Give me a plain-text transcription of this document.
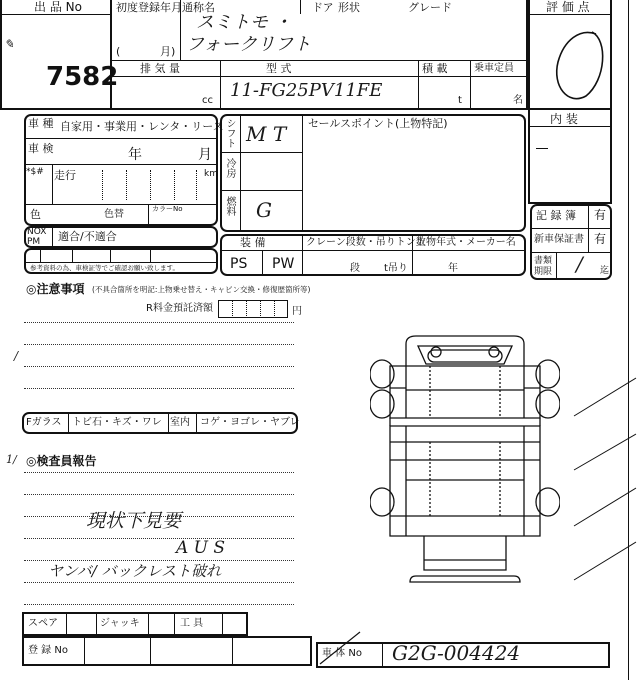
出 品 No
7582
✎
初度登録年月
(	月)
通称名
スミトモ ・
フォークリフト
ドア 形状	グレード
排 気 量
cc
型 式
11-FG25PV11FE
積 載
t
乗車定員
名
評 価 点
内 装
車 種 自家用・事業用・レンタ・リース
車 検	年	月
*$# 走行	km
色	色替	カラーNo
NOX PM	適合/不適合
参考資料の為、車検証等でご確認お願い致します。
シフト M T
冷房
燃料 G
セールスポイント(上物特記)
記 録 簿 有
新車保証書 有
書類 期限 / 迄
装 備	クレーン段数・吊りトン数
上物年式・メーカー名
PS PW	段 t吊り	年
◎注意事項 (不具合箇所を明記:上物乗せ替え・キャビン交換・修復歴箇所等)
R料金預託済額	円
/
Fガラス トビ石・キズ・ワレ 室内 コゲ・ヨゴレ・ヤブレ
1/ ◎検査員報告
現状下見要
A U S
ヤンバ/ バックレスト破れ
スペア	ジャッキ	工 具
登 録 No	車 体 No G2G-004424
